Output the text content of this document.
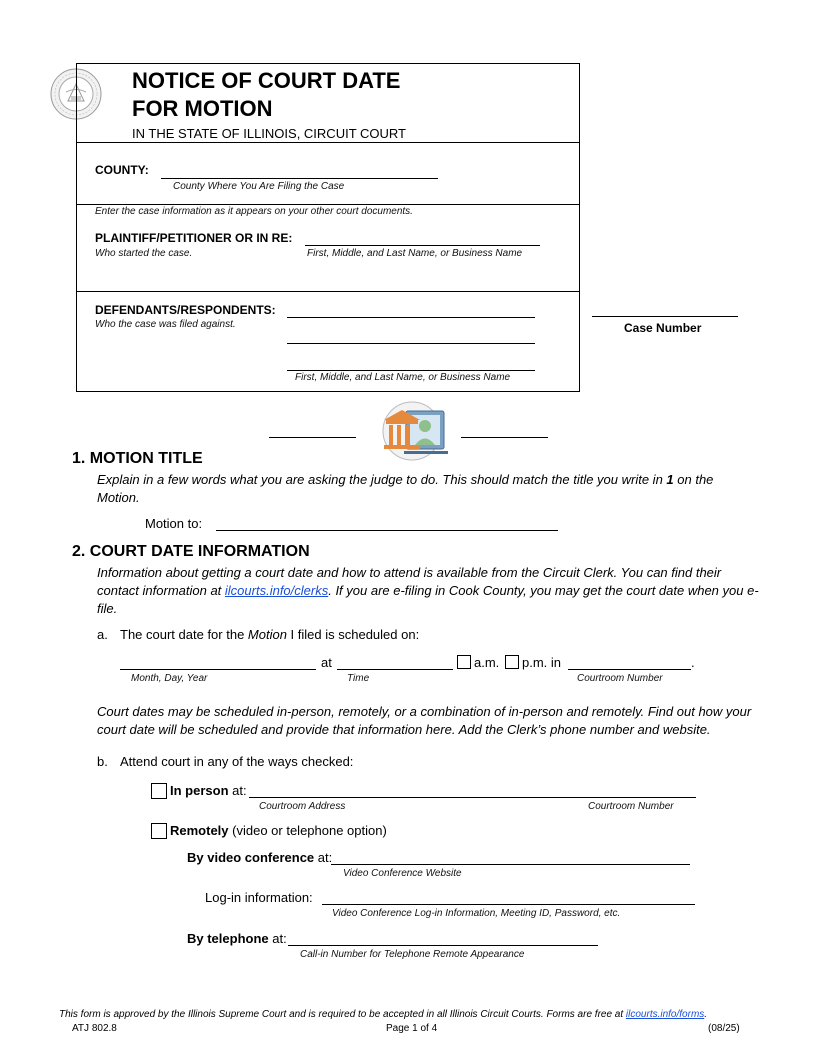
NOTICE OF COURT DATE
FOR MOTION
IN THE STATE OF ILLINOIS, CIRCUIT COURT
COUNTY:
County Where You Are Filing the Case
Enter the case information as it appears on your other court documents.
PLAINTIFF/PETITIONER OR IN RE:
Who started the case.	First, Middle, and Last Name, or Business Name
DEFENDANTS/RESPONDENTS:
Who the case was filed against.
First, Middle, and Last Name, or Business Name
Case Number
1. MOTION TITLE
Explain in a few words what you are asking the judge to do. This should match the title you write in 1 on the Motion.
Motion to:
2. COURT DATE INFORMATION
Information about getting a court date and how to attend is available from the Circuit Clerk. You can find their contact information at ilcourts.info/clerks. If you are e-filing in Cook County, you may get the court date when you e-file.
a. The court date for the Motion I filed is scheduled on:
at	a.m. p.m. in	.
Month, Day, Year	Time	Courtroom Number
Court dates may be scheduled in-person, remotely, or a combination of in-person and remotely. Find out how your court date will be scheduled and provide that information here. Add the Clerk’s phone number and website.
b. Attend court in any of the ways checked:
In person at:
Courtroom Address	Courtroom Number
Remotely (video or telephone option)
By video conference at:
Video Conference Website
Log-in information:
Video Conference Log-in Information, Meeting ID, Password, etc.
By telephone at:
Call-in Number for Telephone Remote Appearance
This form is approved by the Illinois Supreme Court and is required to be accepted in all Illinois Circuit Courts. Forms are free at ilcourts.info/forms.
ATJ 802.8	Page 1 of 4	(08/25)
